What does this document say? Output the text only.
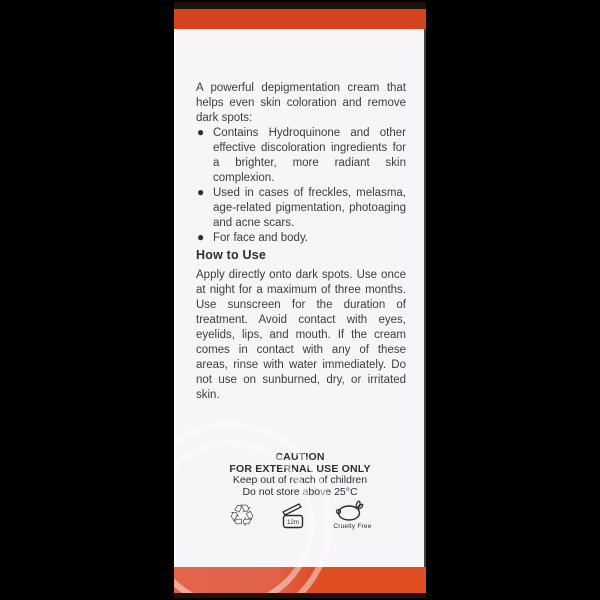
A powerful depigmentation cream that helps even skin coloration and remove dark spots:

● Contains Hydroquinone and other effective discoloration ingredients for a brighter, more radiant skin complexion.
● Used in cases of freckles, melasma, age-related pigmentation, photoaging and acne scars.
● For face and body.
How to Use

Apply directly onto dark spots. Use once at night for a maximum of three months. Use sunscreen for the duration of treatment. Avoid contact with eyes, eyelids, lips, and mouth. If the cream comes in contact with any of these areas, rinse with water immediately. Do not use on sunburned, dry, or irritated skin.

CAUTION
FOR EXTERNAL USE ONLY
Keep out of reach of children
Do not store above 25°C
♲	12m	Cruelty Free
